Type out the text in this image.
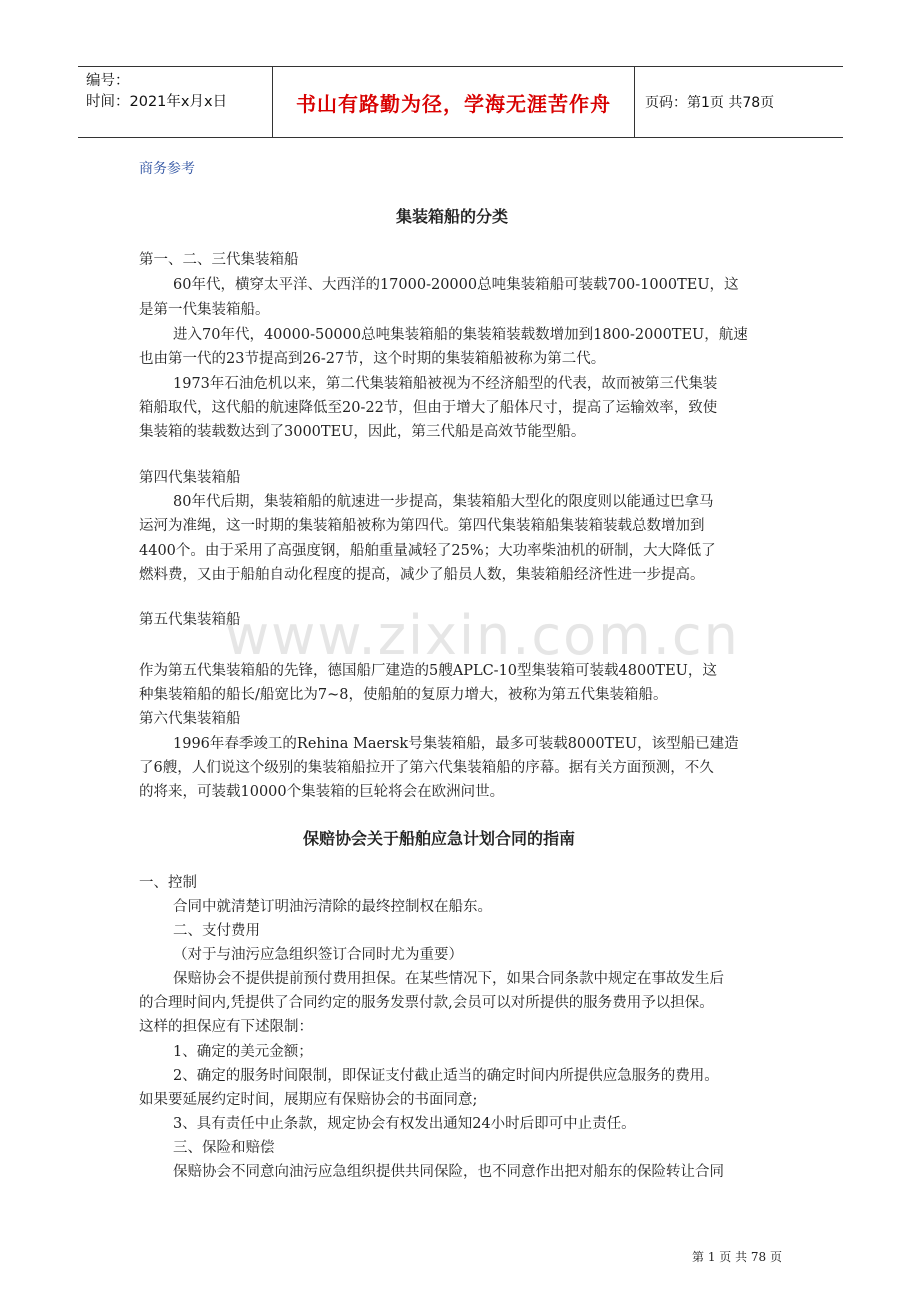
编号：
时间：2021年x月x日	书山有路勤为径，学海无涯苦作舟	页码：第1页 共78页
www.zixin.com.cn
商务参考
集装箱船的分类
第一、二、三代集装箱船
60年代，横穿太平洋、大西洋的17000-20000总吨集装箱船可装载700-1000TEU，这
是第一代集装箱船。
进入70年代，40000-50000总吨集装箱船的集装箱装载数增加到1800-2000TEU，航速
也由第一代的23节提高到26-27节，这个时期的集装箱船被称为第二代。
1973年石油危机以来，第二代集装箱船被视为不经济船型的代表，故而被第三代集装
箱船取代，这代船的航速降低至20-22节，但由于增大了船体尺寸，提高了运输效率，致使
集装箱的装载数达到了3000TEU，因此，第三代船是高效节能型船。
第四代集装箱船
80年代后期，集装箱船的航速进一步提高，集装箱船大型化的限度则以能通过巴拿马
运河为准绳，这一时期的集装箱船被称为第四代。第四代集装箱船集装箱装载总数增加到
4400个。由于采用了高强度钢，船舶重量减轻了25%；大功率柴油机的研制，大大降低了
燃料费，又由于船舶自动化程度的提高，减少了船员人数，集装箱船经济性进一步提高。
第五代集装箱船
作为第五代集装箱船的先锋，德国船厂建造的5艘APLC-10型集装箱可装载4800TEU，这
种集装箱船的船长/船宽比为7~8，使船舶的复原力增大，被称为第五代集装箱船。
第六代集装箱船
1996年春季竣工的Rehina Maersk号集装箱船，最多可装载8000TEU，该型船已建造
了6艘，人们说这个级别的集装箱船拉开了第六代集装箱船的序幕。据有关方面预测，不久
的将来，可装载10000个集装箱的巨轮将会在欧洲问世。
保赔协会关于船舶应急计划合同的指南
一、控制
合同中就清楚订明油污清除的最终控制权在船东。
二、支付费用
（对于与油污应急组织签订合同时尤为重要）
保赔协会不提供提前预付费用担保。在某些情况下，如果合同条款中规定在事故发生后
的合理时间内,凭提供了合同约定的服务发票付款,会员可以对所提供的服务费用予以担保。
这样的担保应有下述限制：
1、确定的美元金额；
2、确定的服务时间限制，即保证支付截止适当的确定时间内所提供应急服务的费用。
如果要延展约定时间，展期应有保赔协会的书面同意;
3、具有责任中止条款，规定协会有权发出通知24小时后即可中止责任。
三、保险和赔偿
保赔协会不同意向油污应急组织提供共同保险，也不同意作出把对船东的保险转让合同
第 1 页 共 78 页
